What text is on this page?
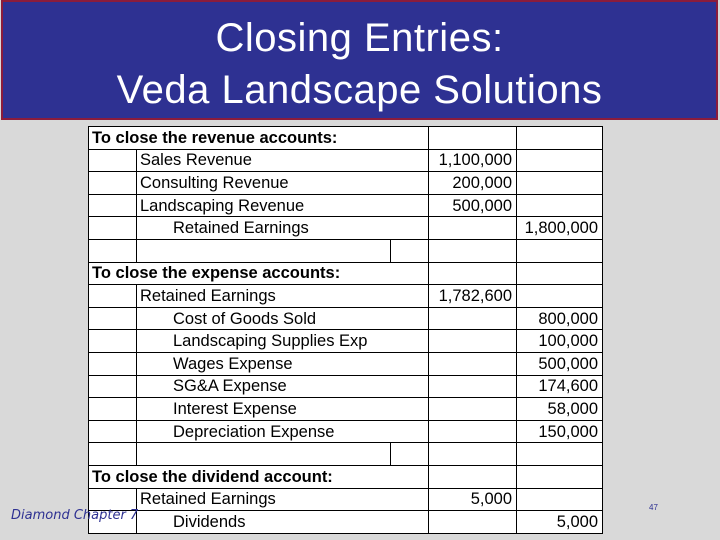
Closing Entries:
Veda Landscape Solutions
To close the revenue accounts:				
	Sales Revenue		1,100,000	
	Consulting Revenue		200,000	
	Landscaping Revenue		500,000	
	Retained Earnings			1,800,000

To close the expense accounts:				
	Retained Earnings		1,782,600	
	Cost of Goods Sold			800,000
	Landscaping Supplies Exp			100,000
	Wages Expense			500,000
	SG&A Expense			174,600
	Interest Expense			58,000
	Depreciation Expense			150,000

To close the dividend account:				
	Retained Earnings		5,000	
	Dividends			5,000
Diamond Chapter 7
47
